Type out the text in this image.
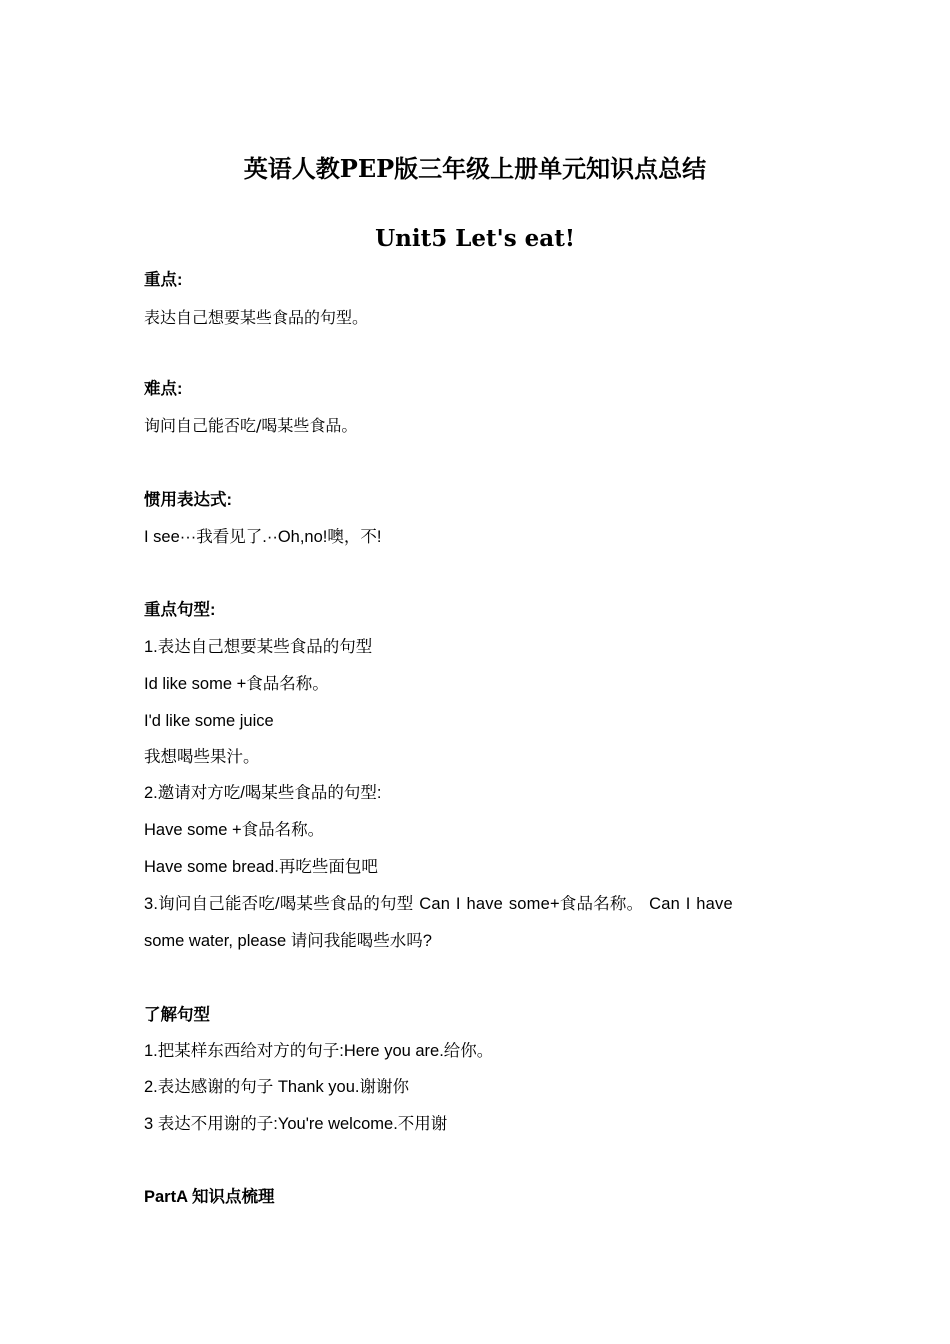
英语人教PEP版三年级上册单元知识点总结
Unit5 Let's eat!
重点:
表达自己想要某些食品的句型。
难点:
询问自己能否吃/喝某些食品。
惯用表达式:
I see···我看见了.··Oh,no!噢，不!
重点句型:
1.表达自己想要某些食品的句型
Id like some +食品名称。
I'd like some juice
我想喝些果汁。
2.邀请对方吃/喝某些食品的句型:
Have some +食品名称。
Have some bread.再吃些面包吧
3.询问自己能否吃/喝某些食品的句型 Can I have some+食品名称。 Can I have
some water, please 请问我能喝些水吗?
了解句型
1.把某样东西给对方的句子:Here you are.给你。
2.表达感谢的句子 Thank you.谢谢你
3 表达不用谢的子:You're welcome.不用谢
PartA 知识点梳理
